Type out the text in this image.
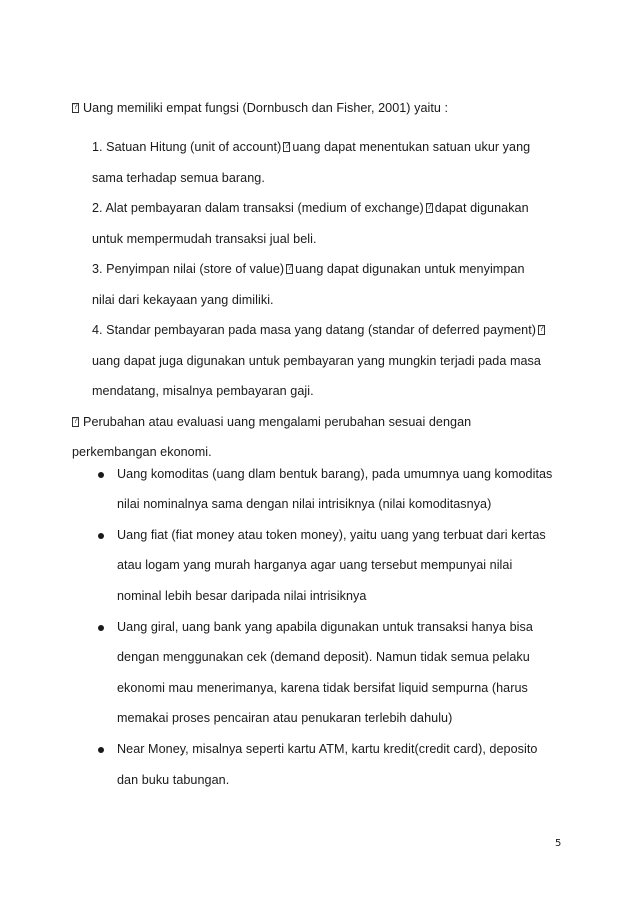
?Uang memiliki empat fungsi (Dornbusch dan Fisher, 2001) yaitu :
1. Satuan Hitung (unit of account) ? uang dapat menentukan satuan ukur yang
sama terhadap semua barang.
2. Alat pembayaran dalam transaksi (medium of exchange) ? dapat digunakan
untuk mempermudah transaksi jual beli.
3. Penyimpan nilai (store of value) ? uang dapat digunakan untuk menyimpan
nilai dari kekayaan yang dimiliki.
4. Standar pembayaran pada masa yang datang (standar of deferred payment)?
uang dapat juga digunakan untuk pembayaran yang mungkin terjadi pada masa
mendatang, misalnya pembayaran gaji.
?Perubahan atau evaluasi uang mengalami perubahan sesuai dengan
perkembangan ekonomi.
Uang komoditas (uang dlam bentuk barang), pada umumnya uang komoditas
nilai nominalnya sama dengan nilai intrisiknya (nilai komoditasnya)
Uang fiat (fiat money atau token money), yaitu uang yang terbuat dari kertas
atau logam yang murah harganya agar uang tersebut mempunyai nilai
nominal lebih besar daripada nilai intrisiknya
Uang giral, uang bank yang apabila digunakan untuk transaksi hanya bisa
dengan menggunakan cek (demand deposit). Namun tidak semua pelaku
ekonomi mau menerimanya, karena tidak bersifat liquid sempurna (harus
memakai proses pencairan atau penukaran terlebih dahulu)
Near Money, misalnya seperti kartu ATM, kartu kredit(credit card), deposito
dan buku tabungan.
5
